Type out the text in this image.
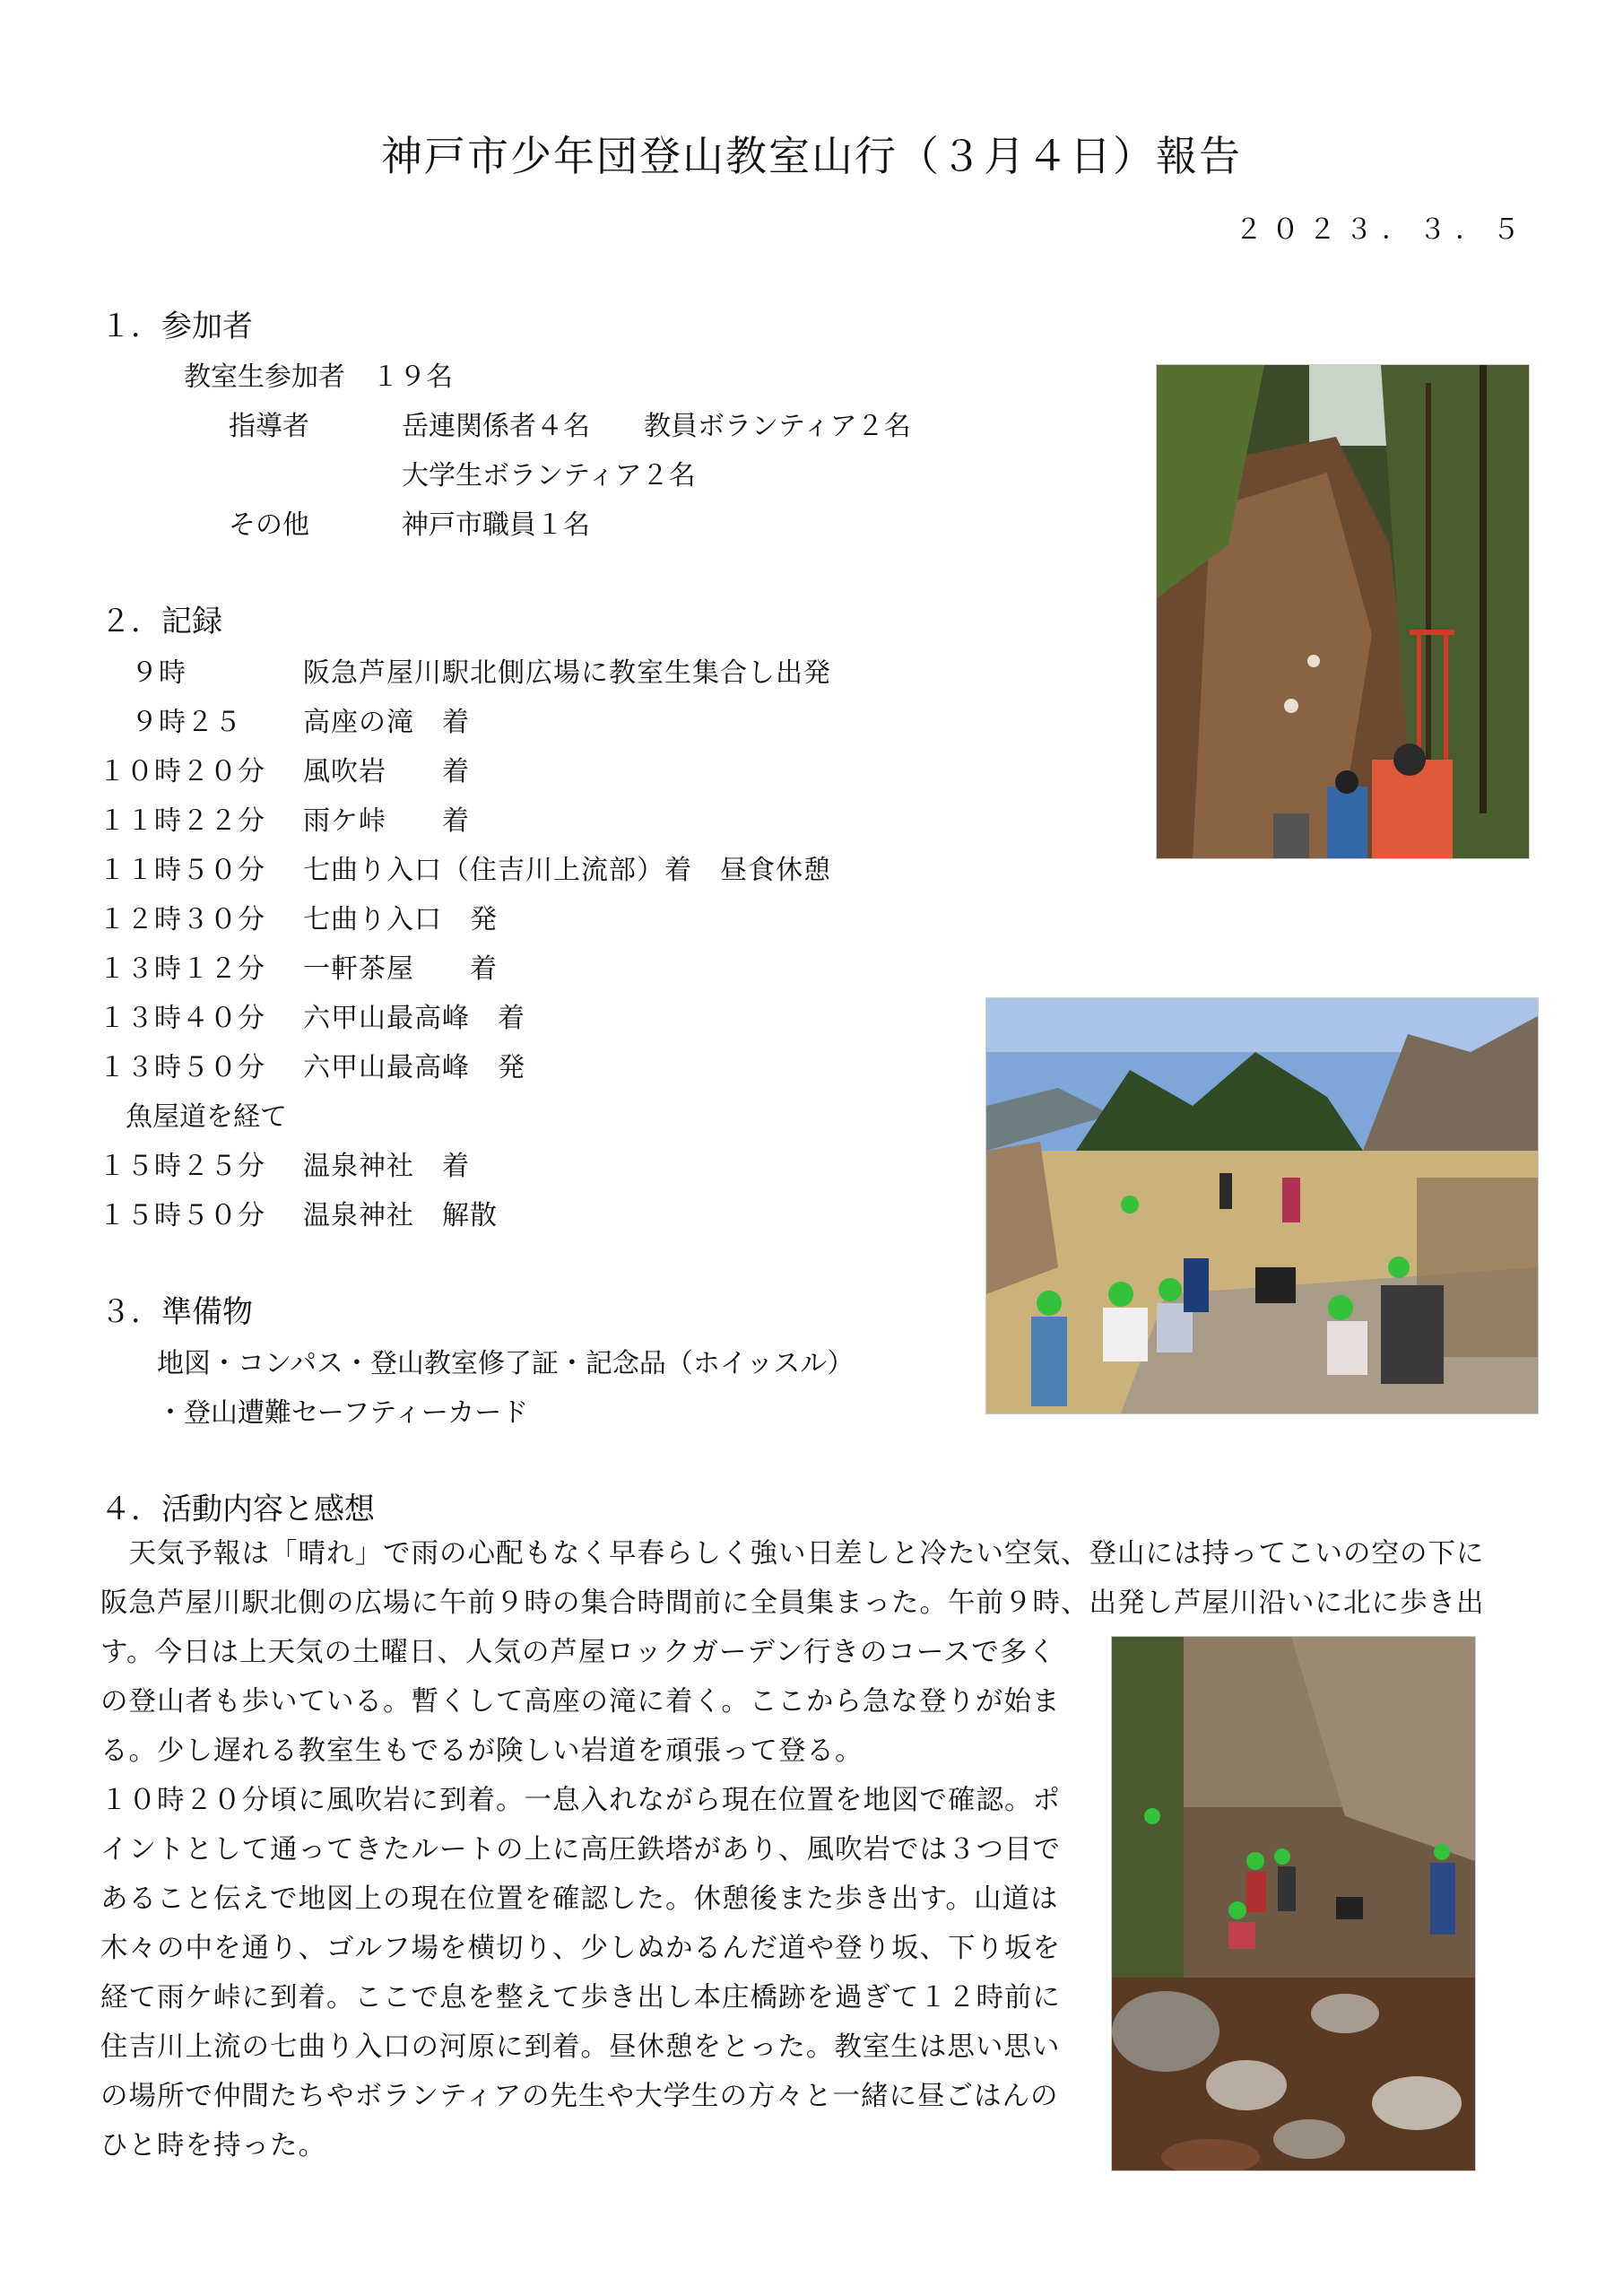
神戸市少年団登山教室山行（３月４日）報告
２０２３．３．５
１．参加者
教室生参加者　１９名
指導者	岳連関係者４名　　教員ボランティア２名
大学生ボランティア２名
その他	神戸市職員１名
２．記録
９時	阪急芦屋川駅北側広場に教室生集合し出発
９時２５ 高座の滝　着
１０時２０分 風吹岩　　着
１１時２２分 雨ケ峠　　着
１１時５０分 七曲り入口（住吉川上流部）着　昼食休憩
１２時３０分 七曲り入口　発
１３時１２分 一軒茶屋　　着
１３時４０分 六甲山最高峰　着
１３時５０分 六甲山最高峰　発
魚屋道を経て
１５時２５分 温泉神社　着
１５時５０分 温泉神社　解散
３．準備物
地図・コンパス・登山教室修了証・記念品（ホイッスル）
・登山遭難セーフティーカード
４．活動内容と感想
　天気予報は「晴れ」で雨の心配もなく早春らしく強い日差しと冷たい空気、登山には持ってこいの空の下に
阪急芦屋川駅北側の広場に午前９時の集合時間前に全員集まった。午前９時、出発し芦屋川沿いに北に歩き出
す。今日は上天気の土曜日、人気の芦屋ロックガーデン行きのコースで多く
の登山者も歩いている。暫くして高座の滝に着く。ここから急な登りが始ま
る。少し遅れる教室生もでるが険しい岩道を頑張って登る。
１０時２０分頃に風吹岩に到着。一息入れながら現在位置を地図で確認。ポ
イントとして通ってきたルートの上に高圧鉄塔があり、風吹岩では３つ目で
あること伝えで地図上の現在位置を確認した。休憩後また歩き出す。山道は
木々の中を通り、ゴルフ場を横切り、少しぬかるんだ道や登り坂、下り坂を
経て雨ケ峠に到着。ここで息を整えて歩き出し本庄橋跡を過ぎて１２時前に
住吉川上流の七曲り入口の河原に到着。昼休憩をとった。教室生は思い思い
の場所で仲間たちやボランティアの先生や大学生の方々と一緒に昼ごはんの
ひと時を持った。
